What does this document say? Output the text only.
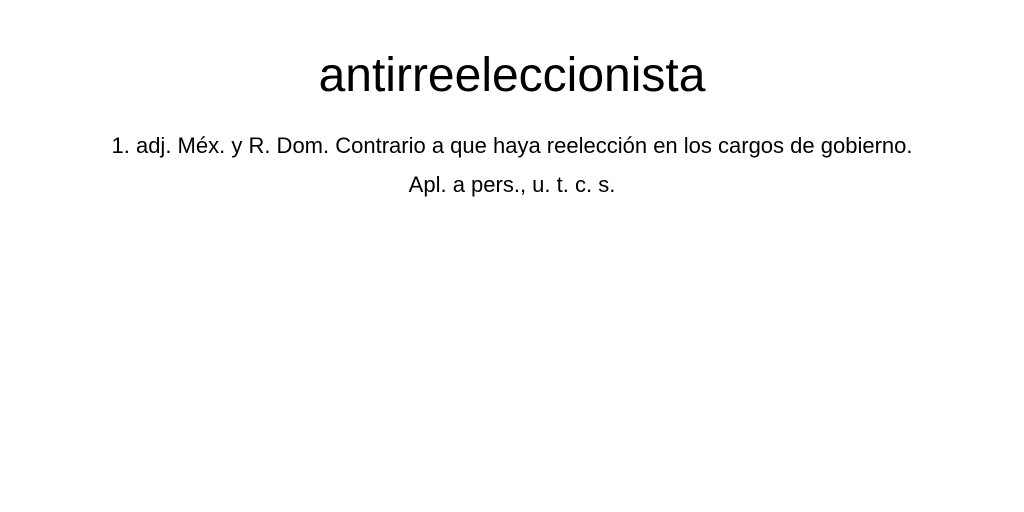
antirreeleccionista

1. adj. Méx. y R. Dom. Contrario a que haya reelección en los cargos de gobierno. Apl. a pers., u. t. c. s.
